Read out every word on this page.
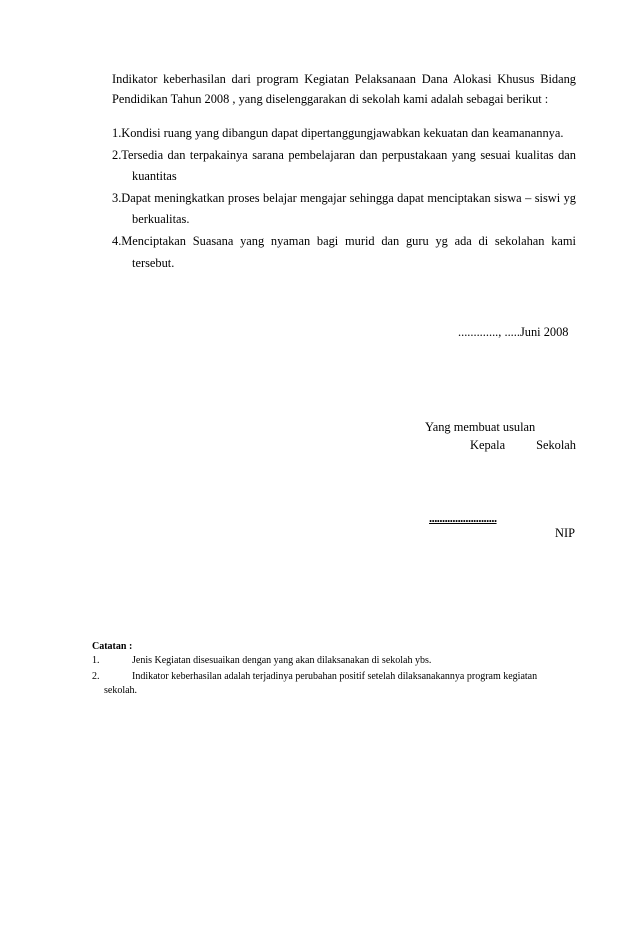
Indikator keberhasilan dari program Kegiatan Pelaksanaan Dana Alokasi Khusus Bidang Pendidikan Tahun 2008 , yang diselenggarakan di sekolah kami adalah sebagai berikut :

1.Kondisi ruang yang dibangun dapat dipertanggungjawabkan kekuatan dan keamanannya.
2.Tersedia dan terpakainya sarana pembelajaran dan perpustakaan yang sesuai kualitas dan kuantitas
3.Dapat meningkatkan proses belajar mengajar sehingga dapat menciptakan siswa – siswi yg berkualitas.
4.Menciptakan Suasana yang nyaman bagi murid dan guru yg ada di sekolahan kami tersebut.
............., .....Juni 2008
Yang membuat usulan
Kepala Sekolah
..........................
NIP
Catatan :
1.	Jenis Kegiatan disesuaikan dengan yang akan dilaksanakan di sekolah ybs.
2.	Indikator keberhasilan adalah terjadinya perubahan positif setelah dilaksanakannya program kegiatan
sekolah.
